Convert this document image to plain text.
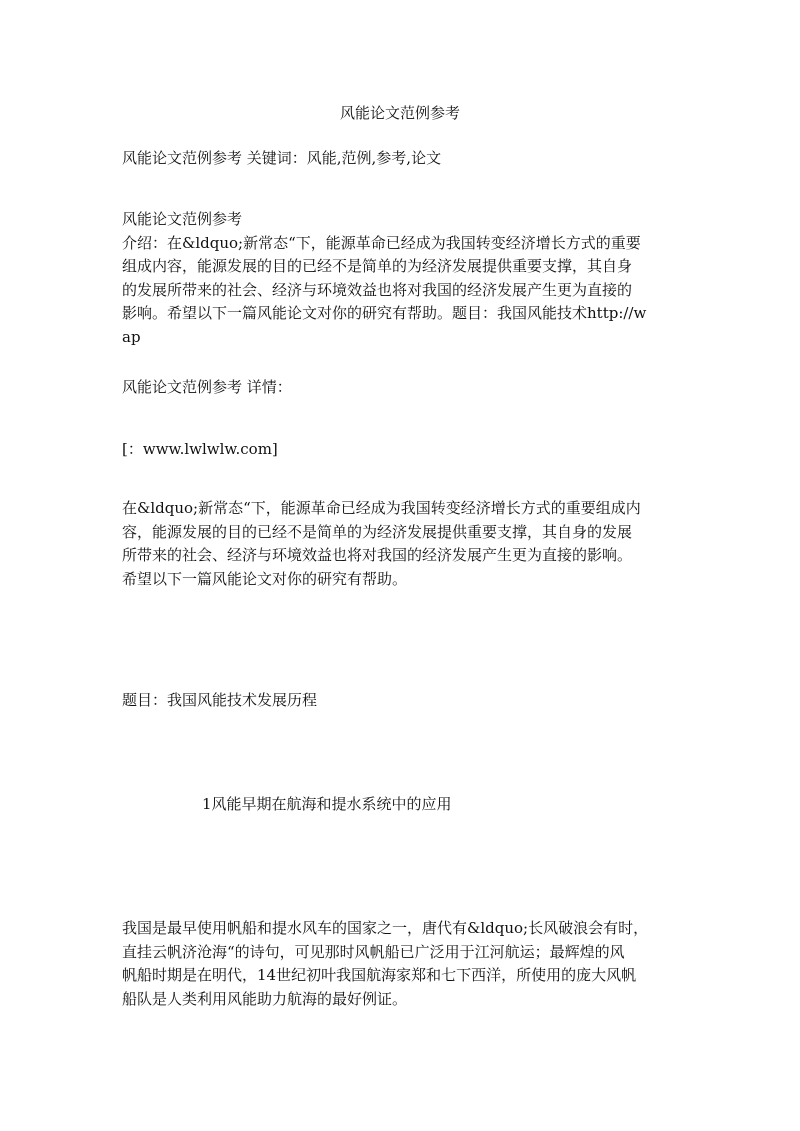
风能论文范例参考

风能论文范例参考 关键词：风能,范例,参考,论文

风能论文范例参考
介绍：在&ldquo;新常态“下，能源革命已经成为我国转变经济增长方式的重要
组成内容，能源发展的目的已经不是简单的为经济发展提供重要支撑，其自身
的发展所带来的社会、经济与环境效益也将对我国的经济发展产生更为直接的
影响。希望以下一篇风能论文对你的研究有帮助。题目：我国风能技术http://w
ap

风能论文范例参考 详情：

[：www.lwlwlw.com]

在&ldquo;新常态“下，能源革命已经成为我国转变经济增长方式的重要组成内
容，能源发展的目的已经不是简单的为经济发展提供重要支撑，其自身的发展
所带来的社会、经济与环境效益也将对我国的经济发展产生更为直接的影响。
希望以下一篇风能论文对你的研究有帮助。

题目：我国风能技术发展历程

1风能早期在航海和提水系统中的应用

我国是最早使用帆船和提水风车的国家之一，唐代有&ldquo;长风破浪会有时，
直挂云帆济沧海“的诗句，可见那时风帆船已广泛用于江河航运；最辉煌的风
帆船时期是在明代，14世纪初叶我国航海家郑和七下西洋，所使用的庞大风帆
船队是人类利用风能助力航海的最好例证。
